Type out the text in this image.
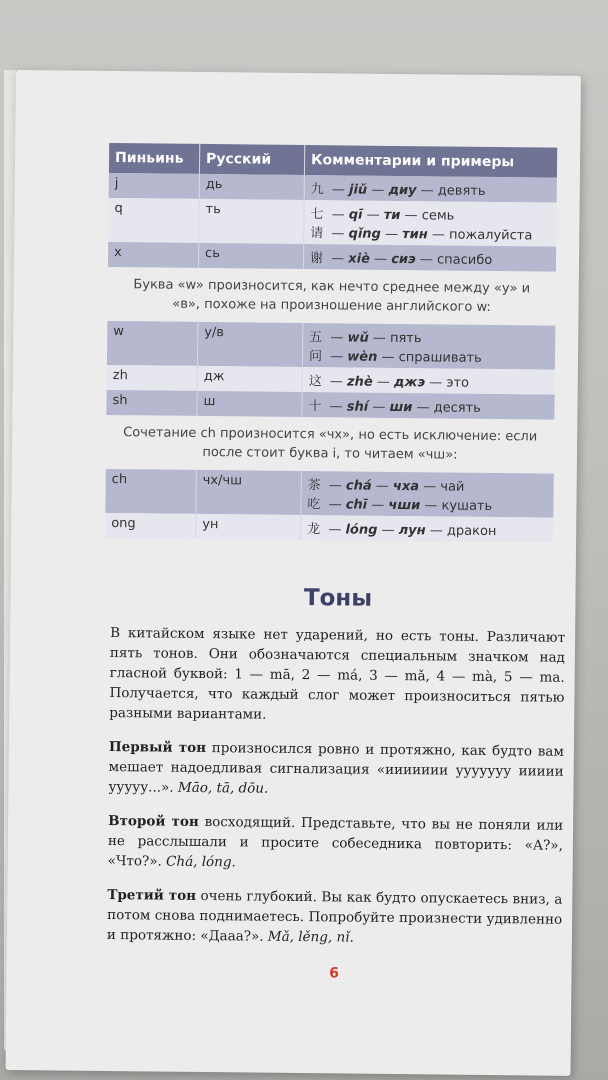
Пиньинь	Русский	Комментарии и примеры
j	дь	九 — jiǔ — диу — девять

q	ть	七 — qī — ти — семь
请 — qǐng — тин — пожалуйста

x	сь	谢 — xiè — сиэ — спасибо
Буква «w» произносится, как нечто среднее между «у» и «в», похоже на произношение английского w:
w	у/в	五 — wǔ — пять
问 — wèn — спрашивать

zh	дж	这 — zhè — джэ — это

sh	ш	十 — shí — ши — десять
Сочетание ch произносится «чх», но есть исключение: если после стоит буква i, то читаем «чш»:
ch	чх/чш	茶 — chá — чха — чай
吃 — chī — чши — кушать

ong	ун	龙 — lóng — лун — дракон
Тоны

В китайском языке нет ударений, но есть тоны. Различают пять тонов. Они обозначаются специальным значком над гласной буквой: 1 — mā, 2 — má, 3 — mǎ, 4 — mà, 5 — ma. Получается, что каждый слог может произноситься пятью разными вариантами.

Первый тон произносился ровно и протяжно, как будто вам мешает надоедливая сигнализация «иииииии ууууууу иииии ууууу...». Māo, tā, dōu.

Второй тон восходящий. Представьте, что вы не поняли или не расслышали и просите собеседника повторить: «А?», «Что?». Chá, lóng.

Третий тон очень глубокий. Вы как будто опускаетесь вниз, а потом снова поднимаетесь. Попробуйте произнести удивленно и протяжно: «Дааа?». Mǎ, lěng, nǐ.

6
